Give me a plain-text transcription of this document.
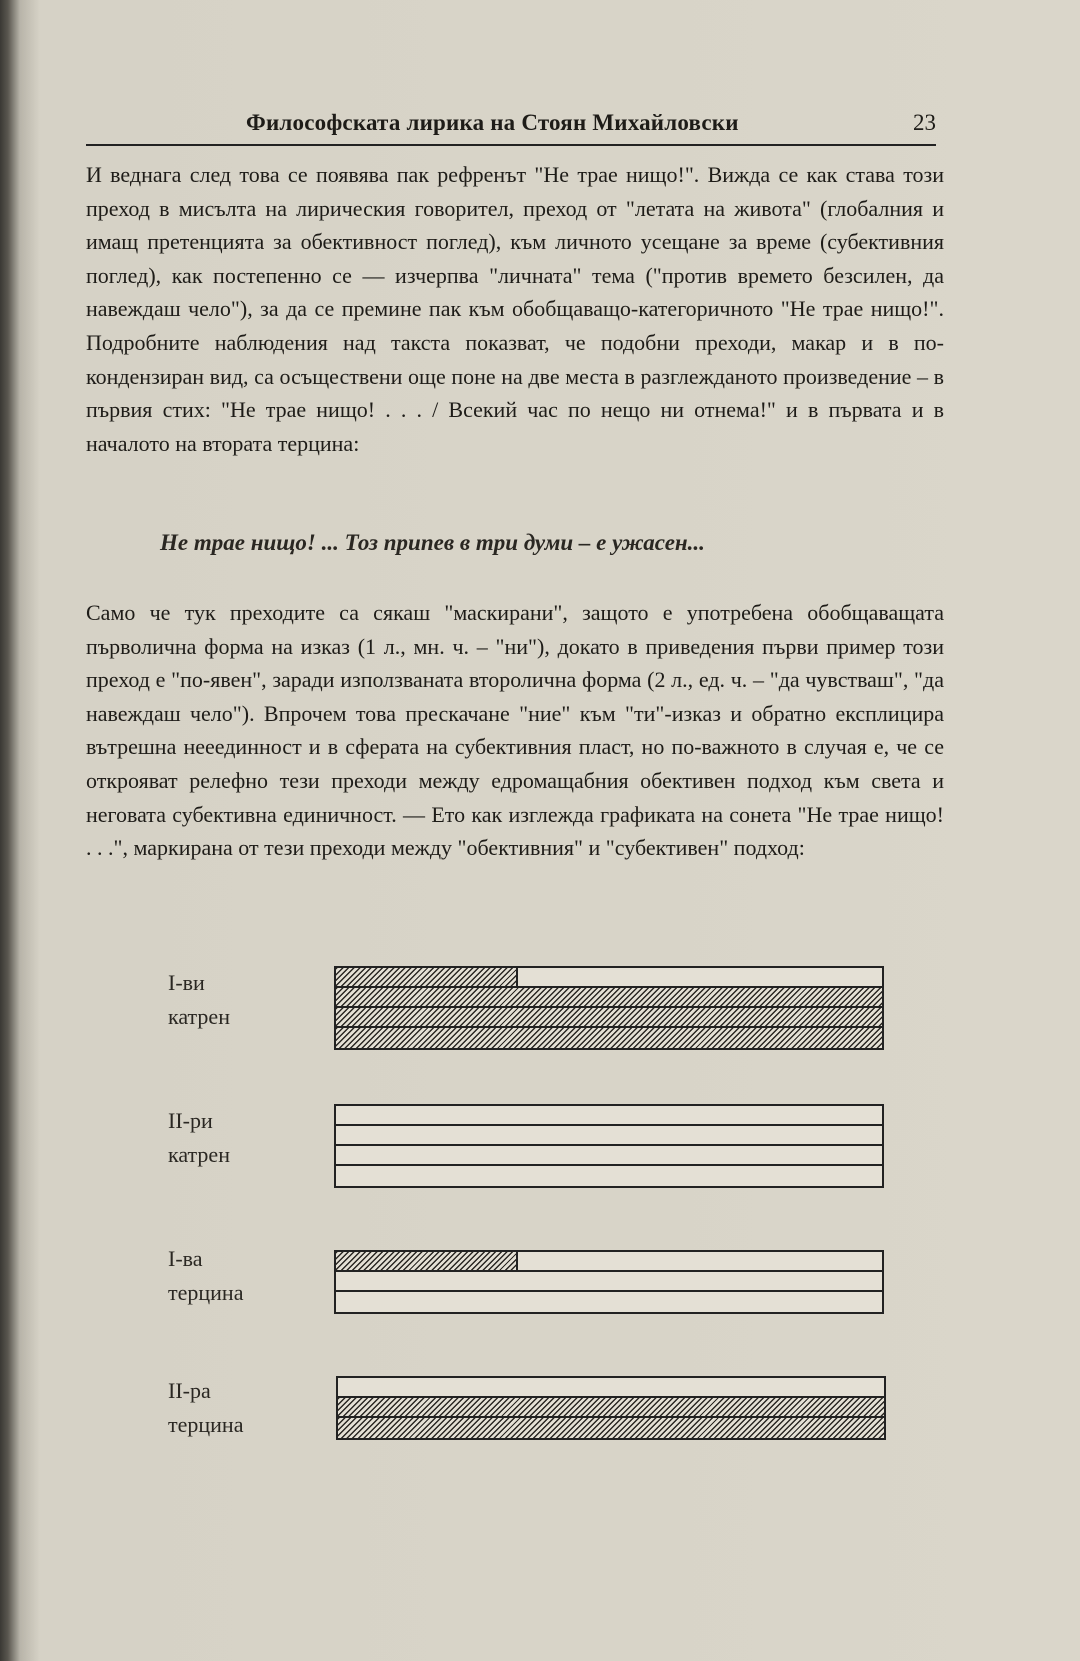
Философската лирика на Стоян Михайловски	23
И веднага след това се появява пак рефренът "Не трае нищо!". Вижда се как става този преход в мисълта на лирическия говорител, преход от "летата на живота" (глобалния и имащ претенцията за обективност поглед), към личното усещане за време (субективния поглед), как постепенно се — изчерпва "личната" тема ("против времето безсилен, да навеждаш чело"), за да се премине пак към обобщаващо-категоричното "Не трае нищо!". Подробните наблюдения над такста показват, че подобни преходи, макар и в по-кондензиран вид, са осъществени още поне на две места в разглежданото произведение – в първия стих: "Не трае нищо! . . . / Всекий час по нещо ни отнема!" и в първата и в началото на втората терцина:
Не трае нищо! ... Тоз припев в три думи – е ужасен...
Само че тук преходите са сякаш "маскирани", защото е употребена обобщаващата първолична форма на изказ (1 л., мн. ч. – "ни"), докато в приведения първи пример този преход е "по-явен", заради използваната второлична форма (2 л., ед. ч. – "да чувстваш", "да навеждаш чело"). Впрочем това прескачане "ние" към "ти"-изказ и обратно експлицира вътрешна нееединност и в сферата на субективния пласт, но по-важното в случая е, че се открояват релефно тези преходи между едромащабния обективен подход към света и неговата субективна единичност. — Ето как изглежда графиката на сонета "Не трае нищо! . . .", маркирана от тези преходи между "обективния" и "субективен" подход:
I-ви
катрен
II-ри
катрен
I-ва
терцина
II-ра
терцина
